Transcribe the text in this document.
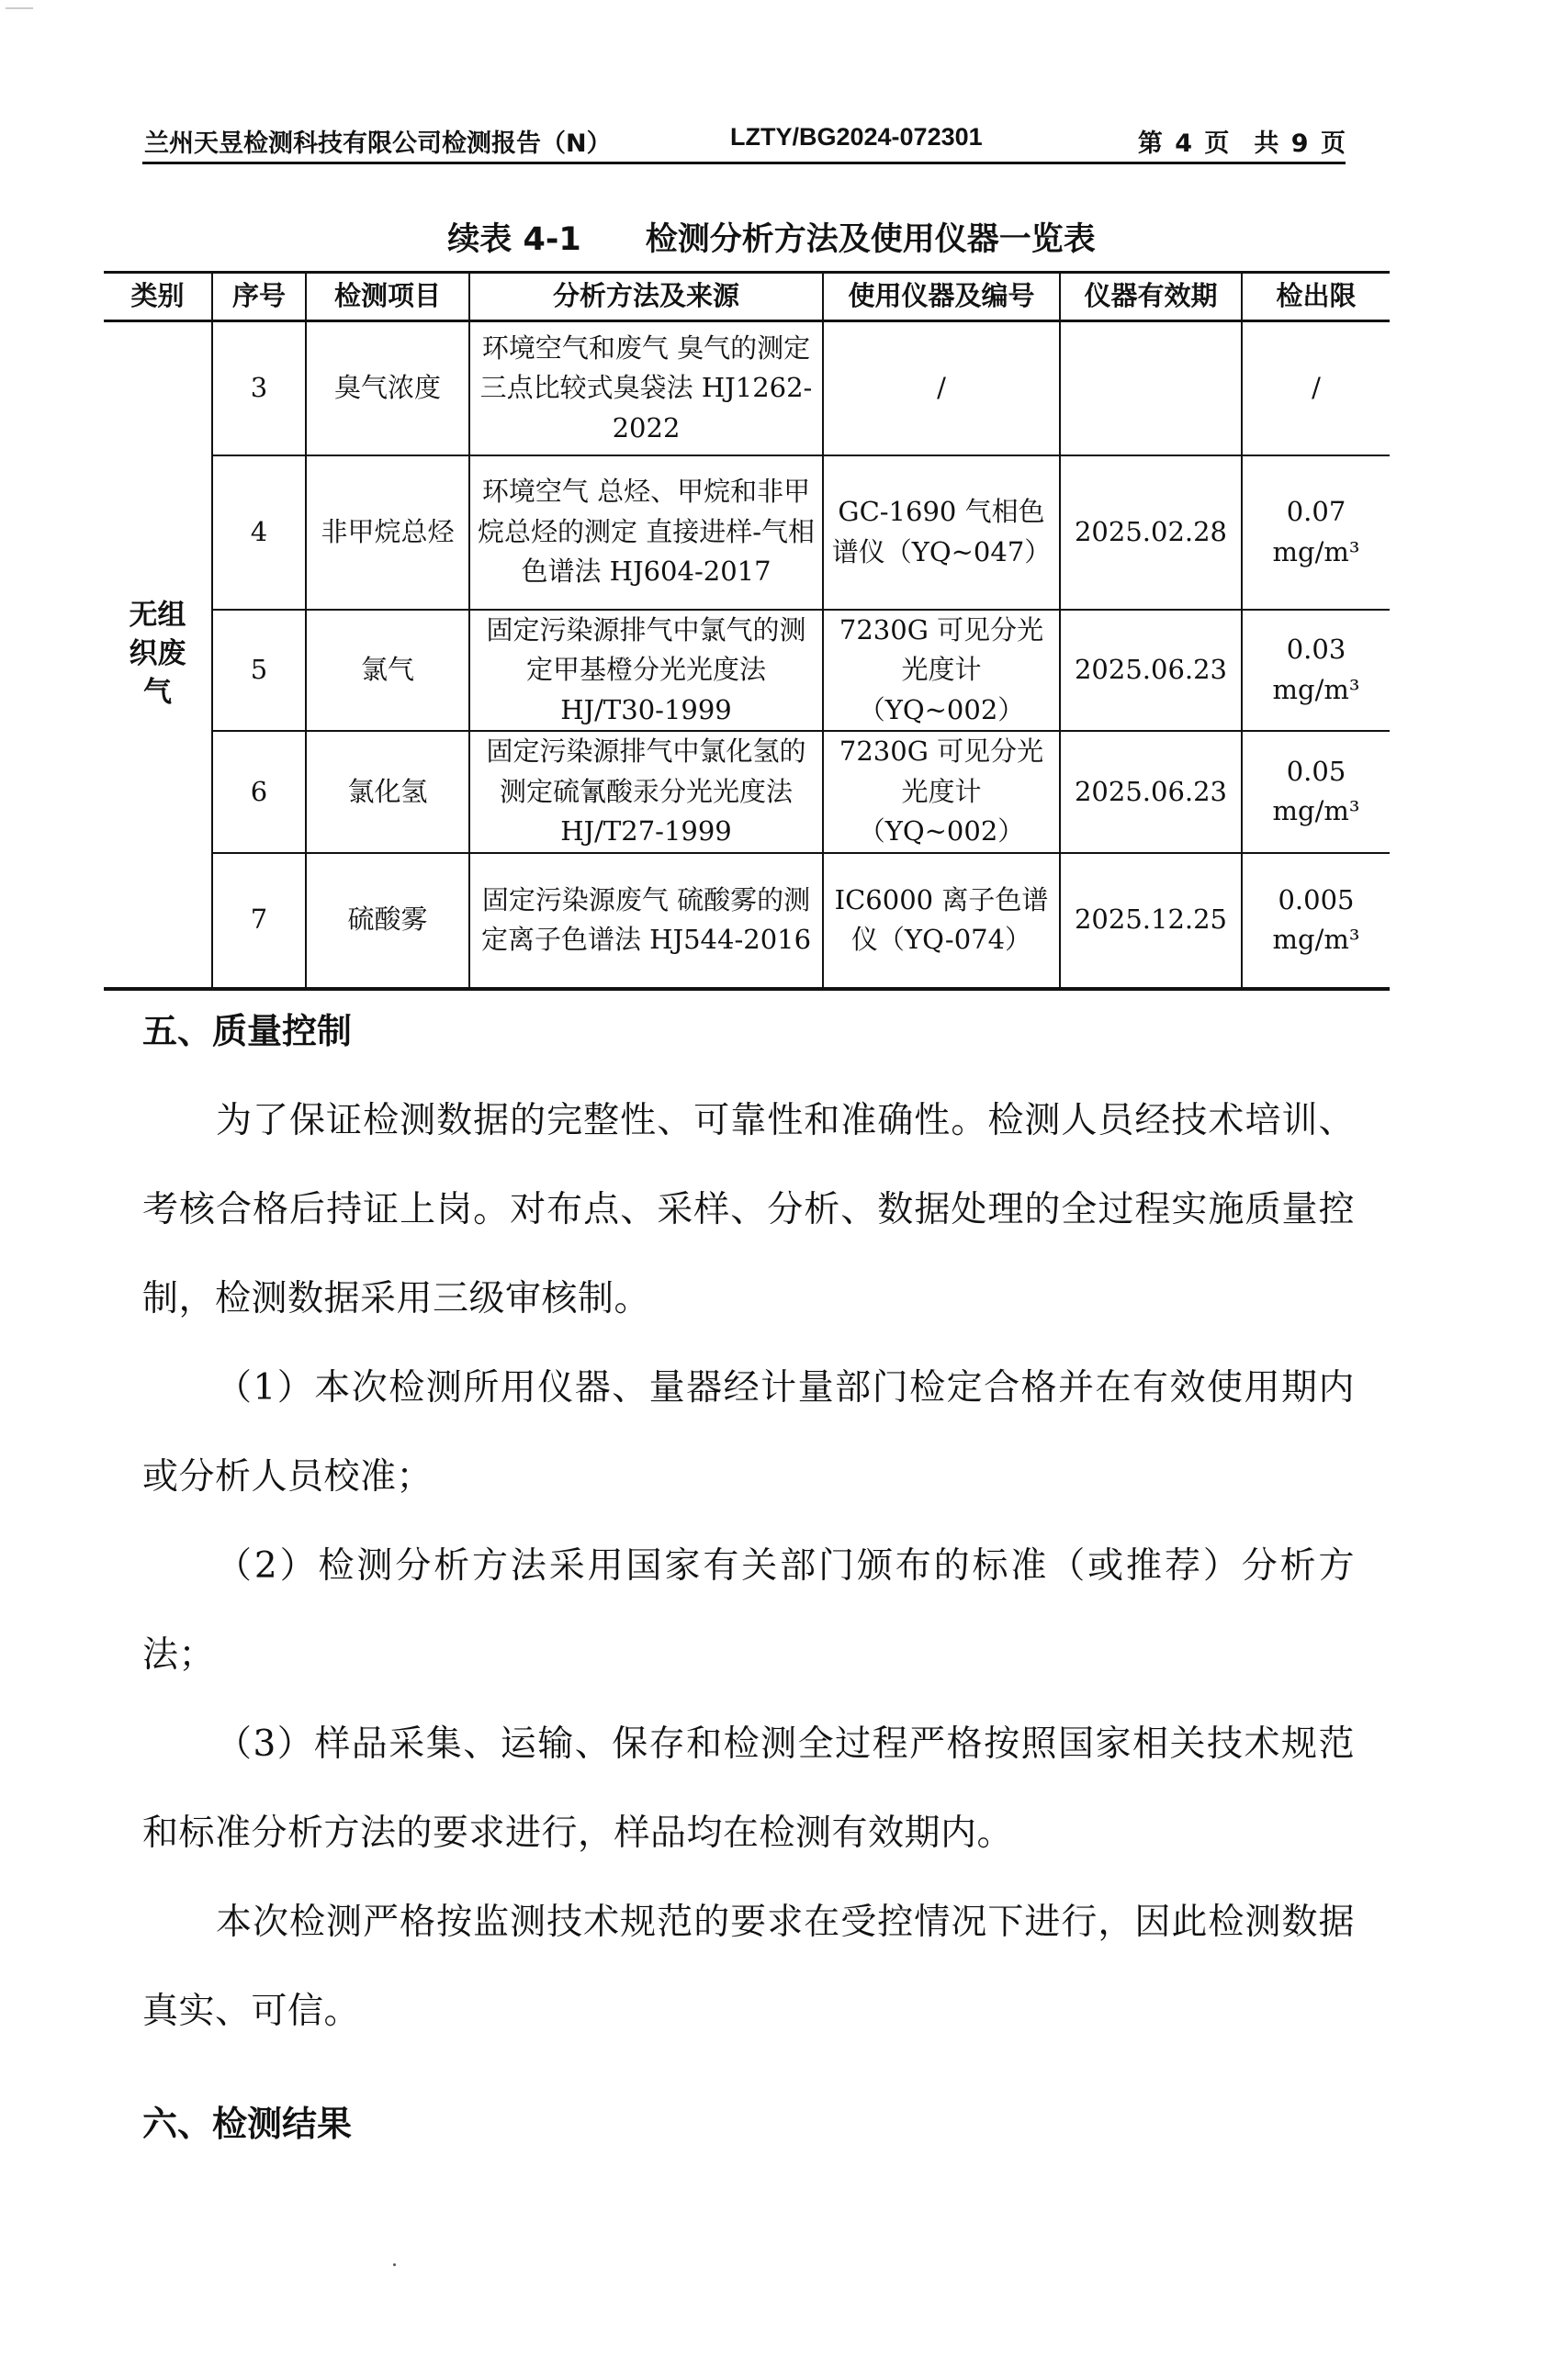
兰州天昱检测科技有限公司检测报告（N）	LZTY/BG2024-072301	第 4 页　共 9 页
续表 4-1　　检测分析方法及使用仪器一览表
类别	序号	检测项目	分析方法及来源	使用仪器及编号	仪器有效期	检出限

无组织废气	3	臭气浓度	环境空气和废气 臭气的测定 三点比较式臭袋法 HJ1262-2022	/		/
	4	非甲烷总烃	环境空气 总烃、甲烷和非甲烷总烃的测定 直接进样-气相色谱法 HJ604-2017	GC-1690 气相色谱仪（YQ~047）	2025.02.28	0.07 mg/m³
	5	氯气	固定污染源排气中氯气的测定甲基橙分光光度法 HJ/T30-1999	7230G 可见分光光度计 （YQ~002）	2025.06.23	0.03 mg/m³
	6	氯化氢	固定污染源排气中氯化氢的测定硫氰酸汞分光光度法 HJ/T27-1999	7230G 可见分光光度计 （YQ~002）	2025.06.23	0.05 mg/m³
	7	硫酸雾	固定污染源废气 硫酸雾的测定离子色谱法 HJ544-2016	IC6000 离子色谱仪（YQ-074）	2025.12.25	0.005 mg/m³
五、质量控制
为了保证检测数据的完整性、可靠性和准确性。检测人员经技术培训、考核合格后持证上岗。对布点、采样、分析、数据处理的全过程实施质量控制，检测数据采用三级审核制。
（1）本次检测所用仪器、量器经计量部门检定合格并在有效使用期内或分析人员校准；
（2）检测分析方法采用国家有关部门颁布的标准（或推荐）分析方法；
（3）样品采集、运输、保存和检测全过程严格按照国家相关技术规范和标准分析方法的要求进行，样品均在检测有效期内。
本次检测严格按监测技术规范的要求在受控情况下进行，因此检测数据真实、可信。
六、检测结果
